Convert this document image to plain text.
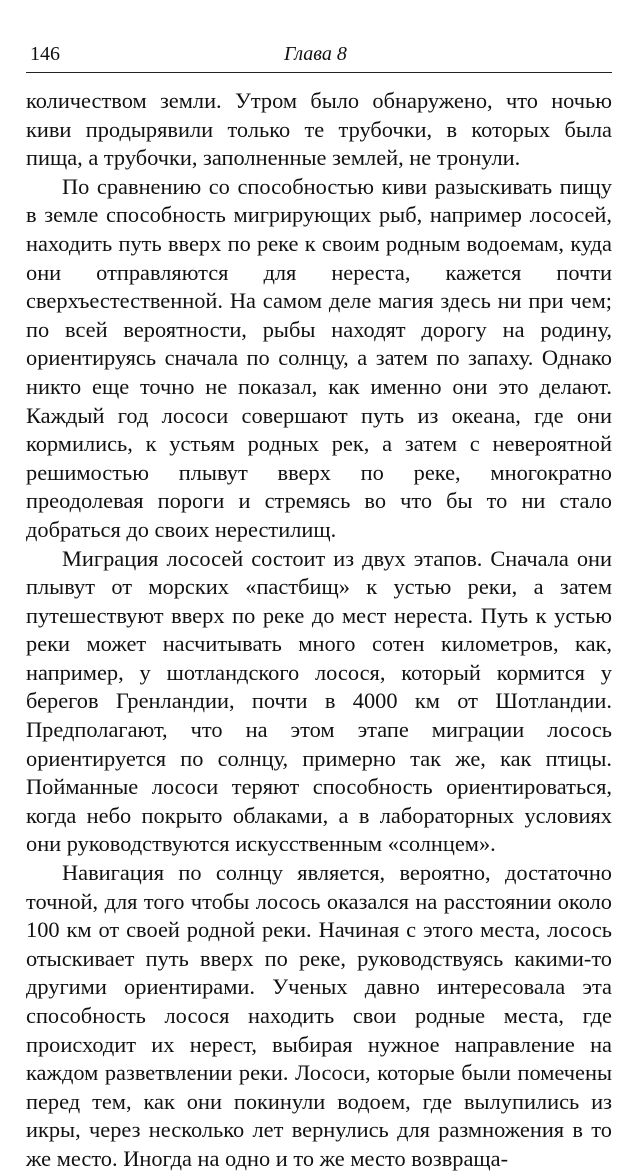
146	Глава 8

количеством земли. Утром было обнаружено, что ночью киви продырявили только те трубочки, в которых была пища, а трубочки, заполненные землей, не тронули.

По сравнению со способностью киви разыскивать пищу в земле способность мигрирующих рыб, например лососей, находить путь вверх по реке к своим родным водоемам, куда они отправляются для нереста, кажется почти сверхъестественной. На самом деле магия здесь ни при чем; по всей вероятности, рыбы находят дорогу на родину, ориентируясь сначала по солнцу, а затем по запаху. Однако никто еще точно не показал, как именно они это делают. Каждый год лососи совершают путь из океана, где они кормились, к устьям родных рек, а затем с невероятной решимостью плывут вверх по реке, многократно преодолевая пороги и стремясь во что бы то ни стало добраться до своих нерестилищ.

Миграция лососей состоит из двух этапов. Сначала они плывут от морских «пастбищ» к устью реки, а затем путешествуют вверх по реке до мест нереста. Путь к устью реки может насчитывать много сотен километров, как, например, у шотландского лосося, который кормится у берегов Гренландии, почти в 4000 км от Шотландии. Предполагают, что на этом этапе миграции лосось ориентируется по солнцу, примерно так же, как птицы. Пойманные лососи теряют способность ориентироваться, когда небо покрыто облаками, а в лабораторных условиях они руководствуются искусственным «солнцем».

Навигация по солнцу является, вероятно, достаточно точной, для того чтобы лосось оказался на расстоянии около 100 км от своей родной реки. Начиная с этого места, лосось отыскивает путь вверх по реке, руководствуясь какими-то другими ориентирами. Ученых давно интересовала эта способность лосося находить свои родные места, где происходит их нерест, выбирая нужное направление на каждом разветвлении реки. Лососи, которые были помечены перед тем, как они покинули водоем, где вылупились из икры, через несколько лет вернулись для размножения в то же место. Иногда на одно и то же место возвраща-
